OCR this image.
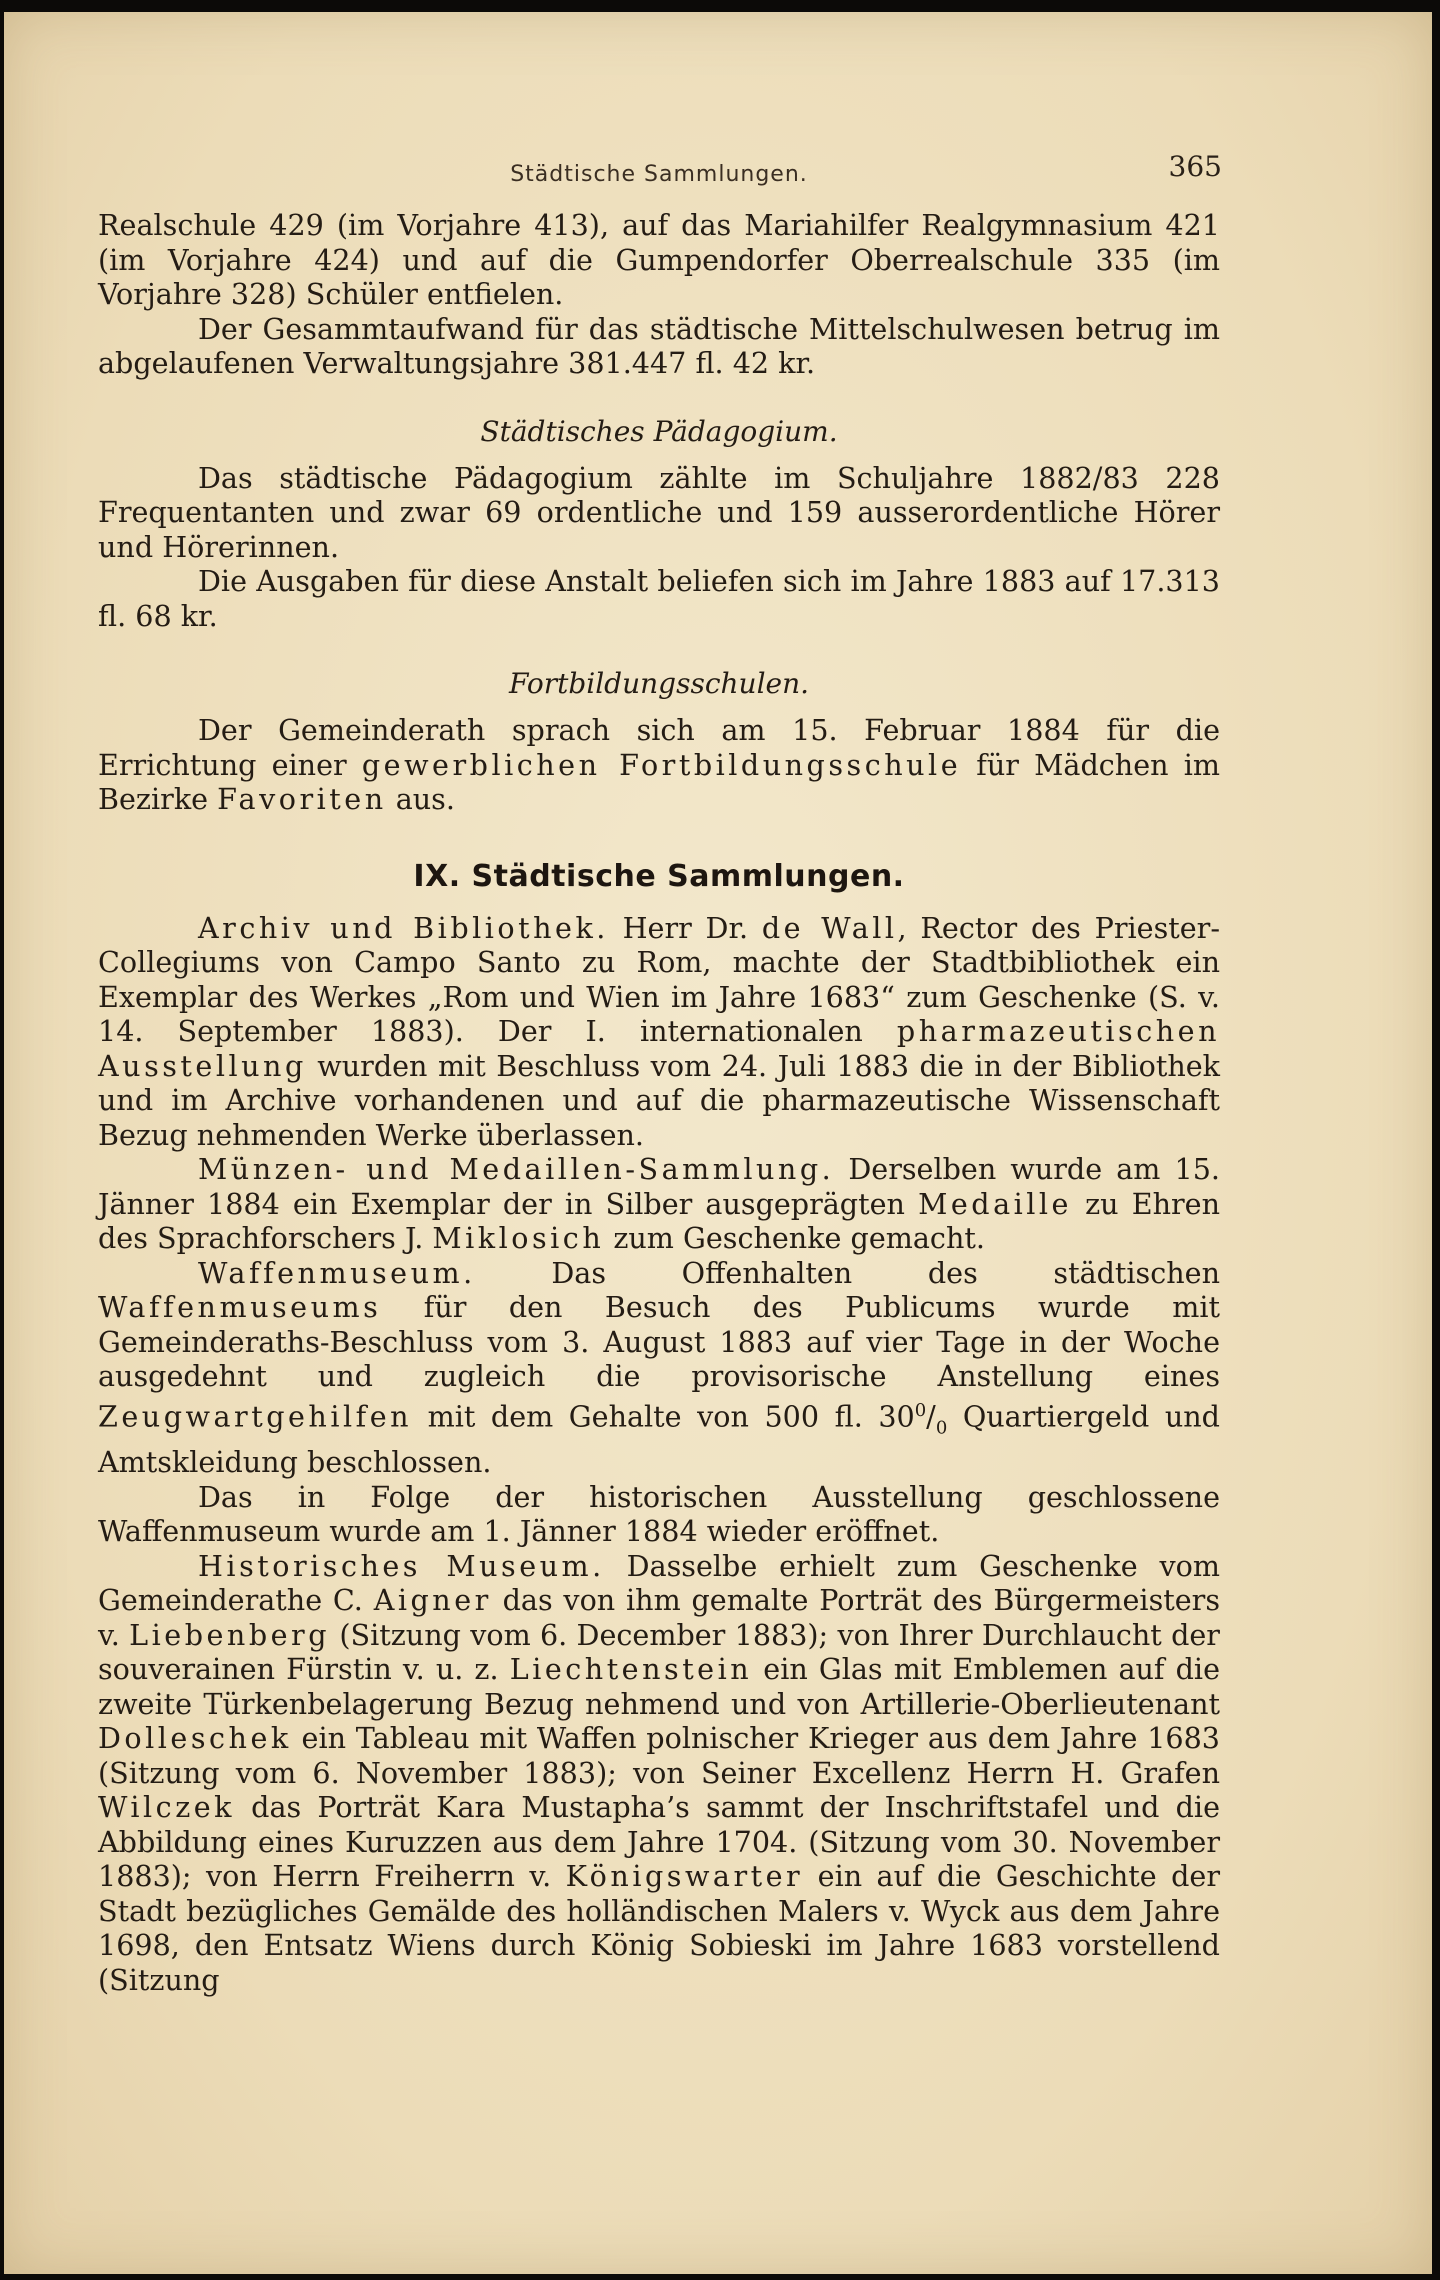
Städtische Sammlungen.	365

Realschule 429 (im Vorjahre 413), auf das Mariahilfer Realgymnasium 421 (im Vorjahre 424) und auf die Gumpendorfer Oberrealschule 335 (im Vorjahre 328) Schüler entfielen.

Der Gesammtaufwand für das städtische Mittelschulwesen betrug im abgelaufenen Verwaltungsjahre 381.447 fl. 42 kr.

Städtisches Pädagogium.

Das städtische Pädagogium zählte im Schuljahre 1882/83 228 Frequentanten und zwar 69 ordentliche und 159 ausserordentliche Hörer und Hörerinnen.

Die Ausgaben für diese Anstalt beliefen sich im Jahre 1883 auf 17.313 fl. 68 kr.

Fortbildungsschulen.

Der Gemeinderath sprach sich am 15. Februar 1884 für die Errichtung einer gewerblichen Fortbildungsschule für Mädchen im Bezirke Favoriten aus.

IX. Städtische Sammlungen.

Archiv und Bibliothek. Herr Dr. de Wall, Rector des Priester-Collegiums von Campo Santo zu Rom, machte der Stadtbibliothek ein Exemplar des Werkes „Rom und Wien im Jahre 1683“ zum Geschenke (S. v. 14. September 1883). Der I. internationalen pharmazeutischen Ausstellung wurden mit Beschluss vom 24. Juli 1883 die in der Bibliothek und im Archive vorhandenen und auf die pharmazeutische Wissenschaft Bezug nehmenden Werke überlassen.

Münzen- und Medaillen-Sammlung. Derselben wurde am 15. Jänner 1884 ein Exemplar der in Silber ausgeprägten Medaille zu Ehren des Sprachforschers J. Miklosich zum Geschenke gemacht.

Waffenmuseum. Das Offenhalten des städtischen Waffenmuseums für den Besuch des Publicums wurde mit Gemeinderaths-Beschluss vom 3. August 1883 auf vier Tage in der Woche ausgedehnt und zugleich die provisorische Anstellung eines Zeugwartgehilfen mit dem Gehalte von 500 fl. $30^0/_0$ Quartiergeld und Amtskleidung beschlossen.

Das in Folge der historischen Ausstellung geschlossene Waffenmuseum wurde am 1. Jänner 1884 wieder eröffnet.

Historisches Museum. Dasselbe erhielt zum Geschenke vom Gemeinderathe C. Aigner das von ihm gemalte Porträt des Bürgermeisters v. Liebenberg (Sitzung vom 6. December 1883); von Ihrer Durchlaucht der souverainen Fürstin v. u. z. Liechtenstein ein Glas mit Emblemen auf die zweite Türkenbelagerung Bezug nehmend und von Artillerie-Oberlieutenant Dolleschek ein Tableau mit Waffen polnischer Krieger aus dem Jahre 1683 (Sitzung vom 6. November 1883); von Seiner Excellenz Herrn H. Grafen Wilczek das Porträt Kara Mustapha’s sammt der Inschriftstafel und die Abbildung eines Kuruzzen aus dem Jahre 1704. (Sitzung vom 30. November 1883); von Herrn Freiherrn v. Königswarter ein auf die Geschichte der Stadt bezügliches Gemälde des holländischen Malers v. Wyck aus dem Jahre 1698, den Entsatz Wiens durch König Sobieski im Jahre 1683 vorstellend (Sitzung
